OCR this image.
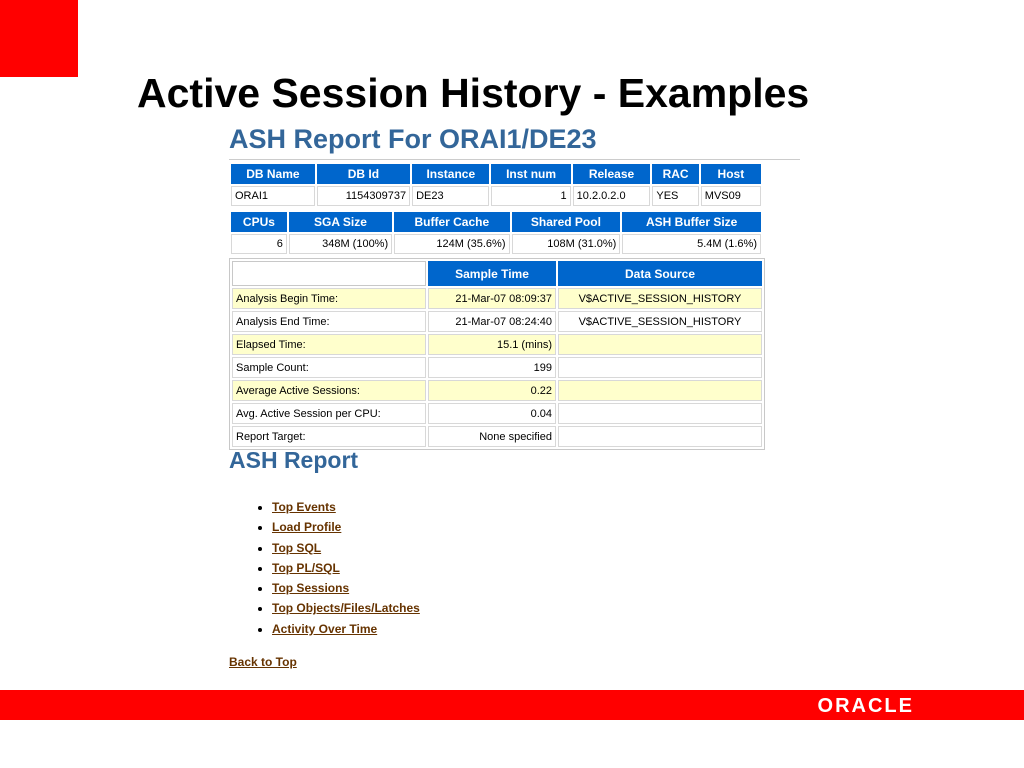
Active Session History - Examples
ASH Report For ORAI1/DE23
DB Name	DB Id	Instance	Inst num	Release	RAC	Host
ORAI1	1154309737	DE23	1	10.2.0.2.0	YES	MVS09
CPUs	SGA Size	Buffer Cache	Shared Pool	ASH Buffer Size
6	348M (100%)	124M (35.6%)	108M (31.0%)	5.4M (1.6%)
	Sample Time	Data Source
Analysis Begin Time:	21-Mar-07 08:09:37	V$ACTIVE_SESSION_HISTORY
Analysis End Time:	21-Mar-07 08:24:40	V$ACTIVE_SESSION_HISTORY
Elapsed Time:	15.1 (mins)	
Sample Count:	199	
Average Active Sessions:	0.22	
Avg. Active Session per CPU:	0.04	
Report Target:	None specified	
ASH Report
• Top Events
• Load Profile
• Top SQL
• Top PL/SQL
• Top Sessions
• Top Objects/Files/Latches
• Activity Over Time
Back to Top
ORACLE
